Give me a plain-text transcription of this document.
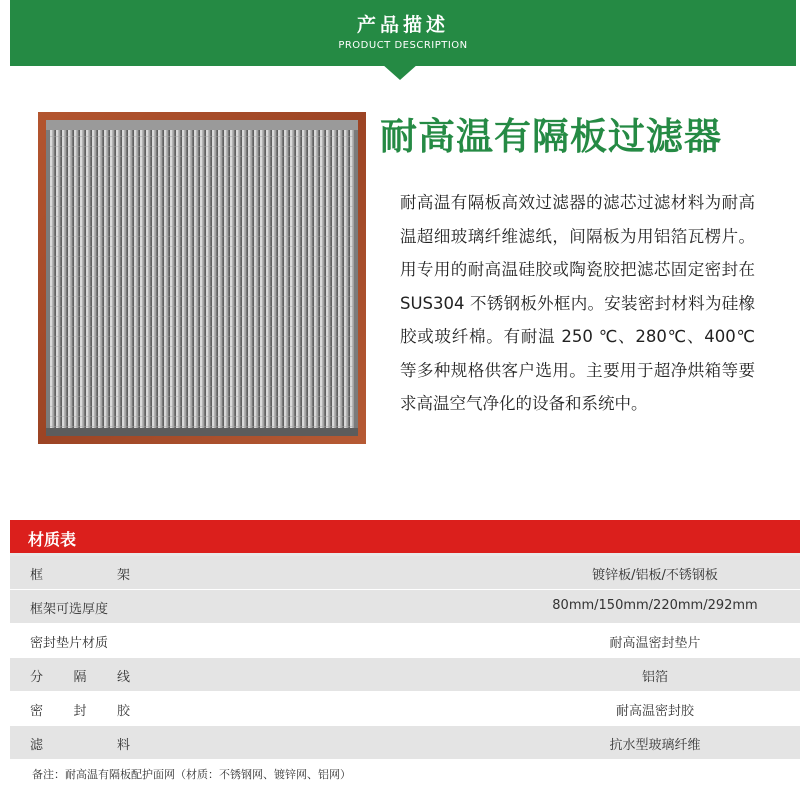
产品描述
PRODUCT DESCRIPTION
耐高温有隔板过滤器
耐高温有隔板高效过滤器的滤芯过滤材料为耐高温超细玻璃纤维滤纸，间隔板为用铝箔瓦楞片。用专用的耐高温硅胶或陶瓷胶把滤芯固定密封在 SUS304 不锈钢板外框内。安装密封材料为硅橡胶或玻纤棉。有耐温 250 ℃、280℃、400℃等多种规格供客户选用。主要用于超净烘箱等要求高温空气净化的设备和系统中。
材质表
框	架	镀锌板/铝板/不锈钢板
框架可选厚度	80mm/150mm/220mm/292mm
密封垫片材质	耐高温密封垫片
分 隔 线	铝箔
密 封 胶	耐高温密封胶
滤	料	抗水型玻璃纤维
备注：耐高温有隔板配护面网（材质：不锈钢网、镀锌网、铝网）
